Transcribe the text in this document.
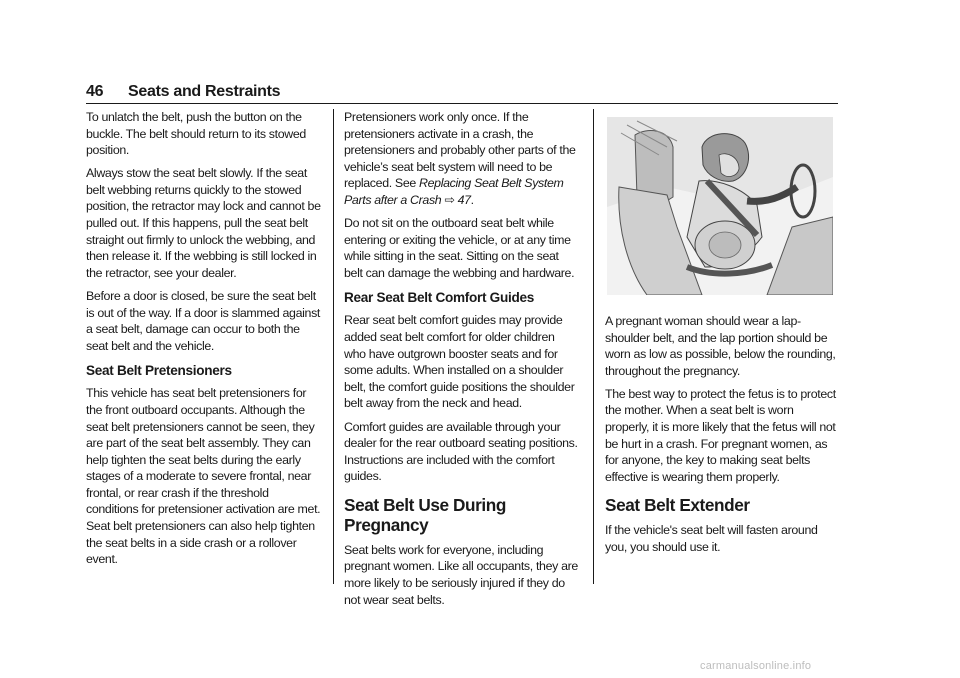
46 Seats and Restraints

To unlatch the belt, push the button on the buckle. The belt should return to its stowed position.

Always stow the seat belt slowly. If the seat belt webbing returns quickly to the stowed position, the retractor may lock and cannot be pulled out. If this happens, pull the seat belt straight out firmly to unlock the webbing, and then release it. If the webbing is still locked in the retractor, see your dealer.

Before a door is closed, be sure the seat belt is out of the way. If a door is slammed against a seat belt, damage can occur to both the seat belt and the vehicle.

Seat Belt Pretensioners

This vehicle has seat belt pretensioners for the front outboard occupants. Although the seat belt pretensioners cannot be seen, they are part of the seat belt assembly. They can help tighten the seat belts during the early stages of a moderate to severe frontal, near frontal, or rear crash if the threshold conditions for pretensioner activation are met. Seat belt pretensioners can also help tighten the seat belts in a side crash or a rollover event.

Pretensioners work only once. If the pretensioners activate in a crash, the pretensioners and probably other parts of the vehicle’s seat belt system will need to be replaced. See Replacing Seat Belt System Parts after a Crash ⇨ 47.

Do not sit on the outboard seat belt while entering or exiting the vehicle, or at any time while sitting in the seat. Sitting on the seat belt can damage the webbing and hardware.

Rear Seat Belt Comfort Guides

Rear seat belt comfort guides may provide added seat belt comfort for older children who have outgrown booster seats and for some adults. When installed on a shoulder belt, the comfort guide positions the shoulder belt away from the neck and head.

Comfort guides are available through your dealer for the rear outboard seating positions. Instructions are included with the comfort guides.

Seat Belt Use During Pregnancy

Seat belts work for everyone, including pregnant women. Like all occupants, they are more likely to be seriously injured if they do not wear seat belts.

A pregnant woman should wear a lap-shoulder belt, and the lap portion should be worn as low as possible, below the rounding, throughout the pregnancy.

The best way to protect the fetus is to protect the mother. When a seat belt is worn properly, it is more likely that the fetus will not be hurt in a crash. For pregnant women, as for anyone, the key to making seat belts effective is wearing them properly.

Seat Belt Extender

If the vehicle's seat belt will fasten around you, you should use it.

carmanualsonline.info
